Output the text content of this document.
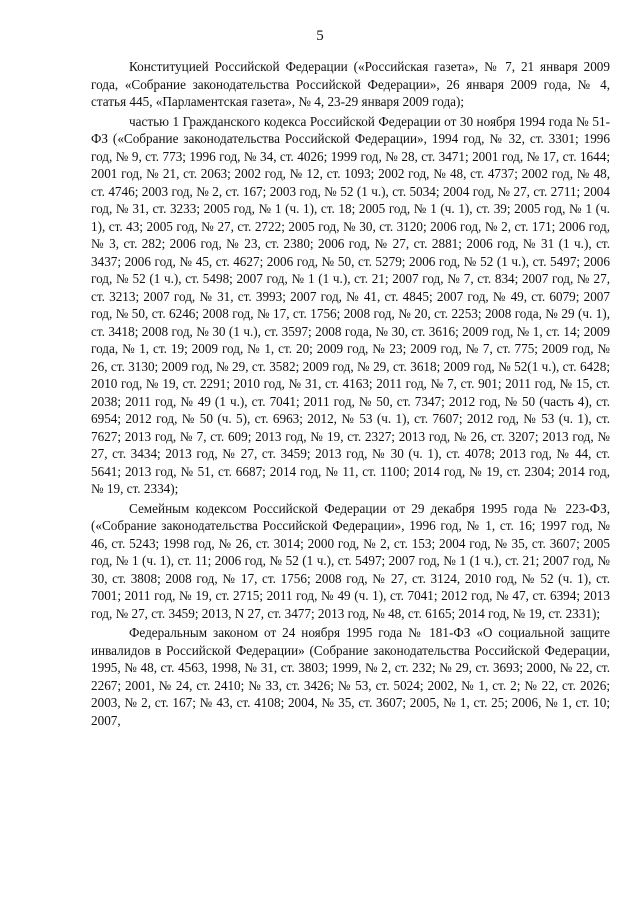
5

Конституцией Российской Федерации («Российская газета», № 7, 21 января 2009 года, «Собрание законодательства Российской Федерации», 26 января 2009 года, № 4, статья 445, «Парламентская газета», № 4, 23-29 января 2009 года);

частью 1 Гражданского кодекса Российской Федерации от 30 ноября 1994 года № 51-ФЗ («Собрание законодательства Российской Федерации», 1994 год, № 32, ст. 3301; 1996 год, № 9, ст. 773; 1996 год, № 34, ст. 4026; 1999 год, № 28, ст. 3471; 2001 год, № 17, ст. 1644; 2001 год, № 21, ст. 2063; 2002 год, № 12, ст. 1093; 2002 год, № 48, ст. 4737; 2002 год, № 48, ст. 4746; 2003 год, № 2, ст. 167; 2003 год, № 52 (1 ч.), ст. 5034; 2004 год, № 27, ст. 2711; 2004 год, № 31, ст. 3233; 2005 год, № 1 (ч. 1), ст. 18; 2005 год, № 1 (ч. 1), ст. 39; 2005 год, № 1 (ч. 1), ст. 43; 2005 год, № 27, ст. 2722; 2005 год, № 30, ст. 3120; 2006 год, № 2, ст. 171; 2006 год, № 3, ст. 282; 2006 год, № 23, ст. 2380; 2006 год, № 27, ст. 2881; 2006 год, № 31 (1 ч.), ст. 3437; 2006 год, № 45, ст. 4627; 2006 год, № 50, ст. 5279; 2006 год, № 52 (1 ч.), ст. 5497; 2006 год, № 52 (1 ч.), ст. 5498; 2007 год, № 1 (1 ч.), ст. 21; 2007 год, № 7, ст. 834; 2007 год, № 27, ст. 3213; 2007 год, № 31, ст. 3993; 2007 год, № 41, ст. 4845; 2007 год, № 49, ст. 6079; 2007 год, № 50, ст. 6246; 2008 год, № 17, ст. 1756; 2008 год, № 20, ст. 2253; 2008 года, № 29 (ч. 1), ст. 3418; 2008 год, № 30 (1 ч.), ст. 3597; 2008 года, № 30, ст. 3616; 2009 год, № 1, ст. 14; 2009 года, № 1, ст. 19; 2009 год, № 1, ст. 20; 2009 год, № 23; 2009 год, № 7, ст. 775; 2009 год, № 26, ст. 3130; 2009 год, № 29, ст. 3582; 2009 год, № 29, ст. 3618; 2009 год, № 52(1 ч.), ст. 6428; 2010 год, № 19, ст. 2291; 2010 год, № 31, ст. 4163; 2011 год, № 7, ст. 901; 2011 год, № 15, ст. 2038; 2011 год, № 49 (1 ч.), ст. 7041; 2011 год, № 50, ст. 7347; 2012 год, № 50 (часть 4), ст. 6954; 2012 год, № 50 (ч. 5), ст. 6963; 2012, № 53 (ч. 1), ст. 7607; 2012 год, № 53 (ч. 1), ст. 7627; 2013 год, № 7, ст. 609; 2013 год, № 19, ст. 2327; 2013 год, № 26, ст. 3207; 2013 год, № 27, ст. 3434; 2013 год, № 27, ст. 3459; 2013 год, № 30 (ч. 1), ст. 4078; 2013 год, № 44, ст. 5641; 2013 год, № 51, ст. 6687; 2014 год, № 11, ст. 1100; 2014 год, № 19, ст. 2304; 2014 год, № 19, ст. 2334);

Семейным кодексом Российской Федерации от 29 декабря 1995 года № 223-ФЗ, («Собрание законодательства Российской Федерации», 1996 год, № 1, ст. 16; 1997 год, № 46, ст. 5243; 1998 год, № 26, ст. 3014; 2000 год, № 2, ст. 153; 2004 год, № 35, ст. 3607; 2005 год, № 1 (ч. 1), ст. 11; 2006 год, № 52 (1 ч.), ст. 5497; 2007 год, № 1 (1 ч.), ст. 21; 2007 год, № 30, ст. 3808; 2008 год, № 17, ст. 1756; 2008 год, № 27, ст. 3124, 2010 год, № 52 (ч. 1), ст. 7001; 2011 год, № 19, ст. 2715; 2011 год, № 49 (ч. 1), ст. 7041; 2012 год, № 47, ст. 6394; 2013 год, № 27, ст. 3459; 2013, N 27, ст. 3477; 2013 год, № 48, ст. 6165; 2014 год, № 19, ст. 2331);

Федеральным законом от 24 ноября 1995 года № 181-ФЗ «О социальной защите инвалидов в Российской Федерации» (Собрание законодательства Российской Федерации, 1995, № 48, ст. 4563, 1998, № 31, ст. 3803; 1999, № 2, ст. 232; № 29, ст. 3693; 2000, № 22, ст. 2267; 2001, № 24, ст. 2410; № 33, ст. 3426; № 53, ст. 5024; 2002, № 1, ст. 2; № 22, ст. 2026; 2003, № 2, ст. 167; № 43, ст. 4108; 2004, № 35, ст. 3607; 2005, № 1, ст. 25; 2006, № 1, ст. 10; 2007,
